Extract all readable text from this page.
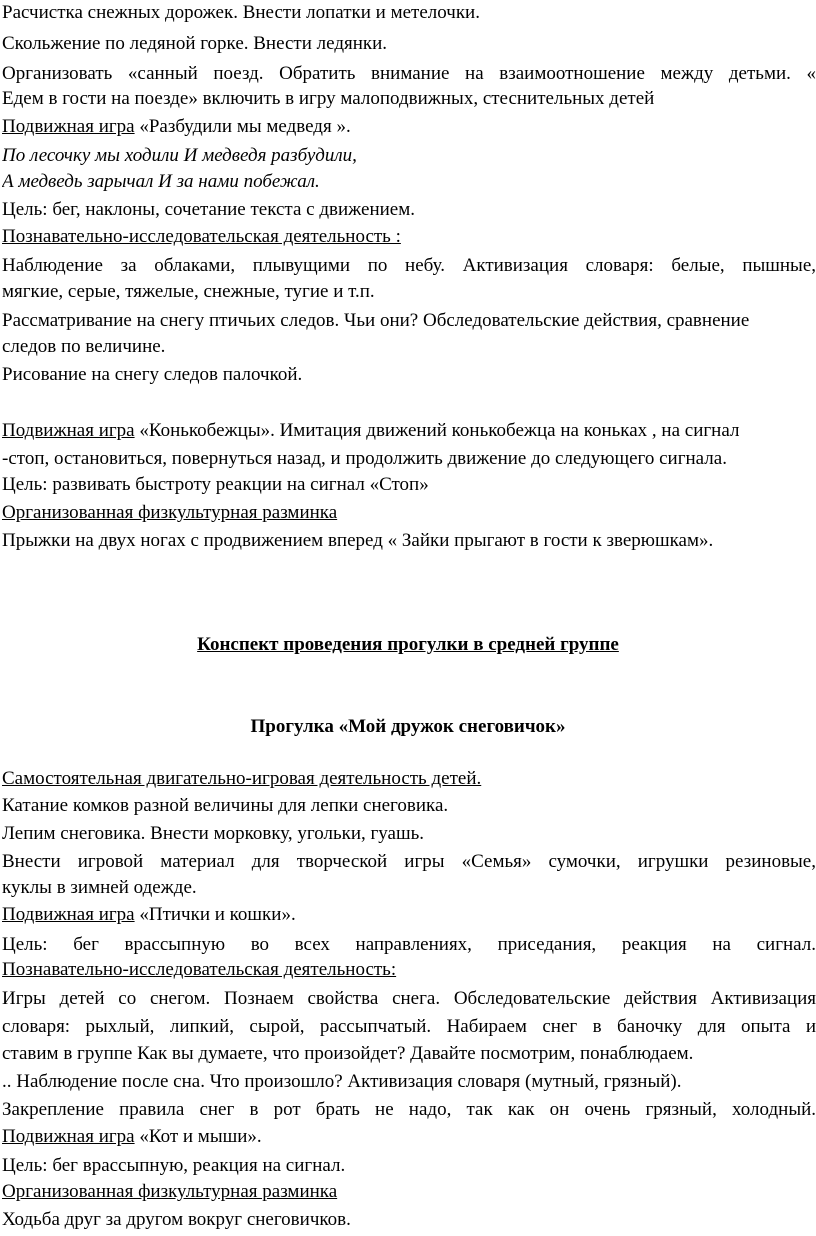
Расчистка снежных дорожек. Внести лопатки и метелочки.
Скольжение по ледяной горке. Внести ледянки.
Организовать «санный поезд. Обратить внимание на взаимоотношение между детьми. «
Едем в гости на поезде» включить в игру малоподвижных, стеснительных детей
Подвижная игра «Разбудили мы медведя ».
По лесочку мы ходили И медведя разбудили,
А медведь зарычал И за нами побежал.
Цель: бег, наклоны, сочетание текста с движением.
Познавательно-исследовательская деятельность :
Наблюдение за облаками, плывущими по небу. Активизация словаря: белые, пышные,
мягкие, серые, тяжелые, снежные, тугие и т.п.
Рассматривание на снегу птичьих следов. Чьи они? Обследовательские действия, сравнение
следов по величине.
Рисование на снегу следов палочкой.
Подвижная игра «Конькобежцы». Имитация движений конькобежца на коньках , на сигнал
-стоп, остановиться, повернуться назад, и продолжить движение до следующего сигнала.
Цель: развивать быстроту реакции на сигнал «Стоп»
Организованная физкультурная разминка
Прыжки на двух ногах с продвижением вперед « Зайки прыгают в гости к зверюшкам».
Конспект проведения прогулки в средней группе
Прогулка «Мой дружок снеговичок»
Самостоятельная двигательно-игровая деятельность детей.
Катание комков разной величины для лепки снеговика.
Лепим снеговика. Внести морковку, угольки, гуашь.
Внести игровой материал для творческой игры «Семья» сумочки, игрушки резиновые,
куклы в зимней одежде.
Подвижная игра «Птички и кошки».
Цель: бег врассыпную во всех направлениях, приседания, реакция на сигнал.
Познавательно-исследовательская деятельность:
Игры детей со снегом. Познаем свойства снега. Обследовательские действия Активизация
словаря: рыхлый, липкий, сырой, рассыпчатый. Набираем снег в баночку для опыта и
ставим в группе Как вы думаете, что произойдет? Давайте посмотрим, понаблюдаем.
.. Наблюдение после сна. Что произошло? Активизация словаря (мутный, грязный).
Закрепление правила снег в рот брать не надо, так как он очень грязный, холодный.
Подвижная игра «Кот и мыши».
Цель: бег врассыпную, реакция на сигнал.
Организованная физкультурная разминка
Ходьба друг за другом вокруг снеговичков.
